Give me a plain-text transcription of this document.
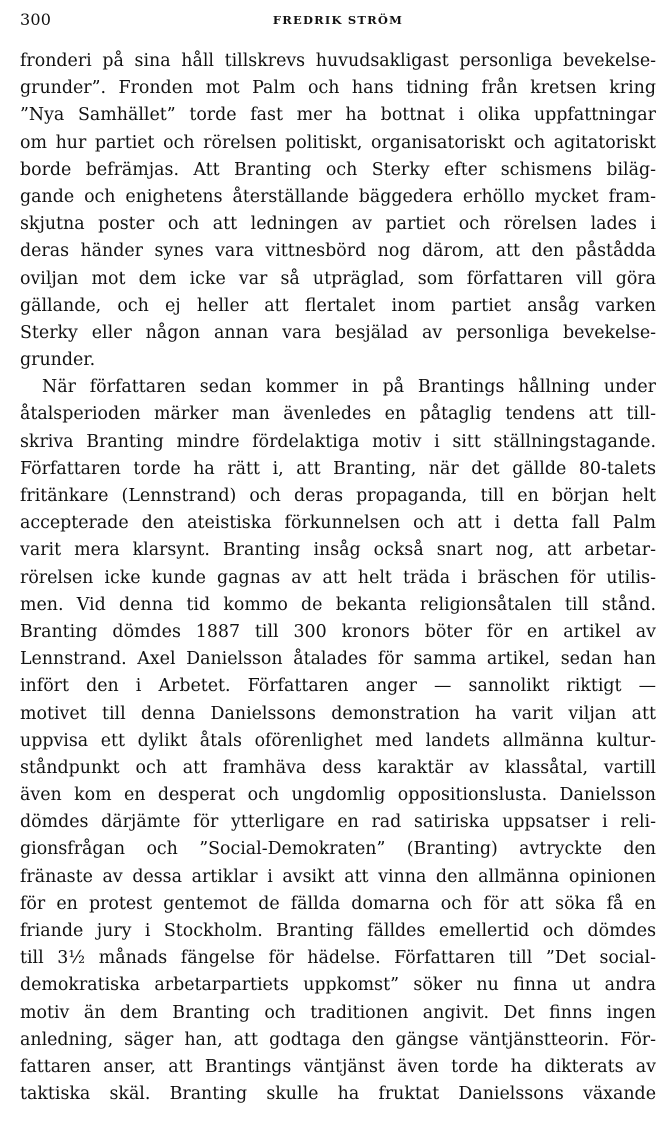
300	FREDRIK STRÖM
fronderi på sina håll tillskrevs huvudsakligast personliga bevekelse-
grunder”. Fronden mot Palm och hans tidning från kretsen kring
”Nya Samhället” torde fast mer ha bottnat i olika uppfattningar
om hur partiet och rörelsen politiskt, organisatoriskt och agitatoriskt
borde befrämjas. Att Branting och Sterky efter schismens biläg-
gande och enighetens återställande bäggedera erhöllo mycket fram-
skjutna poster och att ledningen av partiet och rörelsen lades i
deras händer synes vara vittnesbörd nog därom, att den påstådda
oviljan mot dem icke var så utpräglad, som författaren vill göra
gällande, och ej heller att flertalet inom partiet ansåg varken
Sterky eller någon annan vara besjälad av personliga bevekelse-
grunder.
När författaren sedan kommer in på Brantings hållning under
åtalsperioden märker man ävenledes en påtaglig tendens att till-
skriva Branting mindre fördelaktiga motiv i sitt ställningstagande.
Författaren torde ha rätt i, att Branting, när det gällde 80-talets
fritänkare (Lennstrand) och deras propaganda, till en början helt
accepterade den ateistiska förkunnelsen och att i detta fall Palm
varit mera klarsynt. Branting insåg också snart nog, att arbetar-
rörelsen icke kunde gagnas av att helt träda i bräschen för utilis-
men. Vid denna tid kommo de bekanta religionsåtalen till stånd.
Branting dömdes 1887 till 300 kronors böter för en artikel av
Lennstrand. Axel Danielsson åtalades för samma artikel, sedan han
infört den i Arbetet. Författaren anger — sannolikt riktigt —
motivet till denna Danielssons demonstration ha varit viljan att
uppvisa ett dylikt åtals oförenlighet med landets allmänna kultur-
ståndpunkt och att framhäva dess karaktär av klassåtal, vartill
även kom en desperat och ungdomlig oppositionslusta. Danielsson
dömdes därjämte för ytterligare en rad satiriska uppsatser i reli-
gionsfrågan och ”Social-Demokraten” (Branting) avtryckte den
fränaste av dessa artiklar i avsikt att vinna den allmänna opinionen
för en protest gentemot de fällda domarna och för att söka få en
friande jury i Stockholm. Branting fälldes emellertid och dömdes
till 3½ månads fängelse för hädelse. Författaren till ”Det social-
demokratiska arbetarpartiets uppkomst” söker nu finna ut andra
motiv än dem Branting och traditionen angivit. Det finns ingen
anledning, säger han, att godtaga den gängse väntjänstteorin. För-
fattaren anser, att Brantings väntjänst även torde ha dikterats av
taktiska skäl. Branting skulle ha fruktat Danielssons växande
